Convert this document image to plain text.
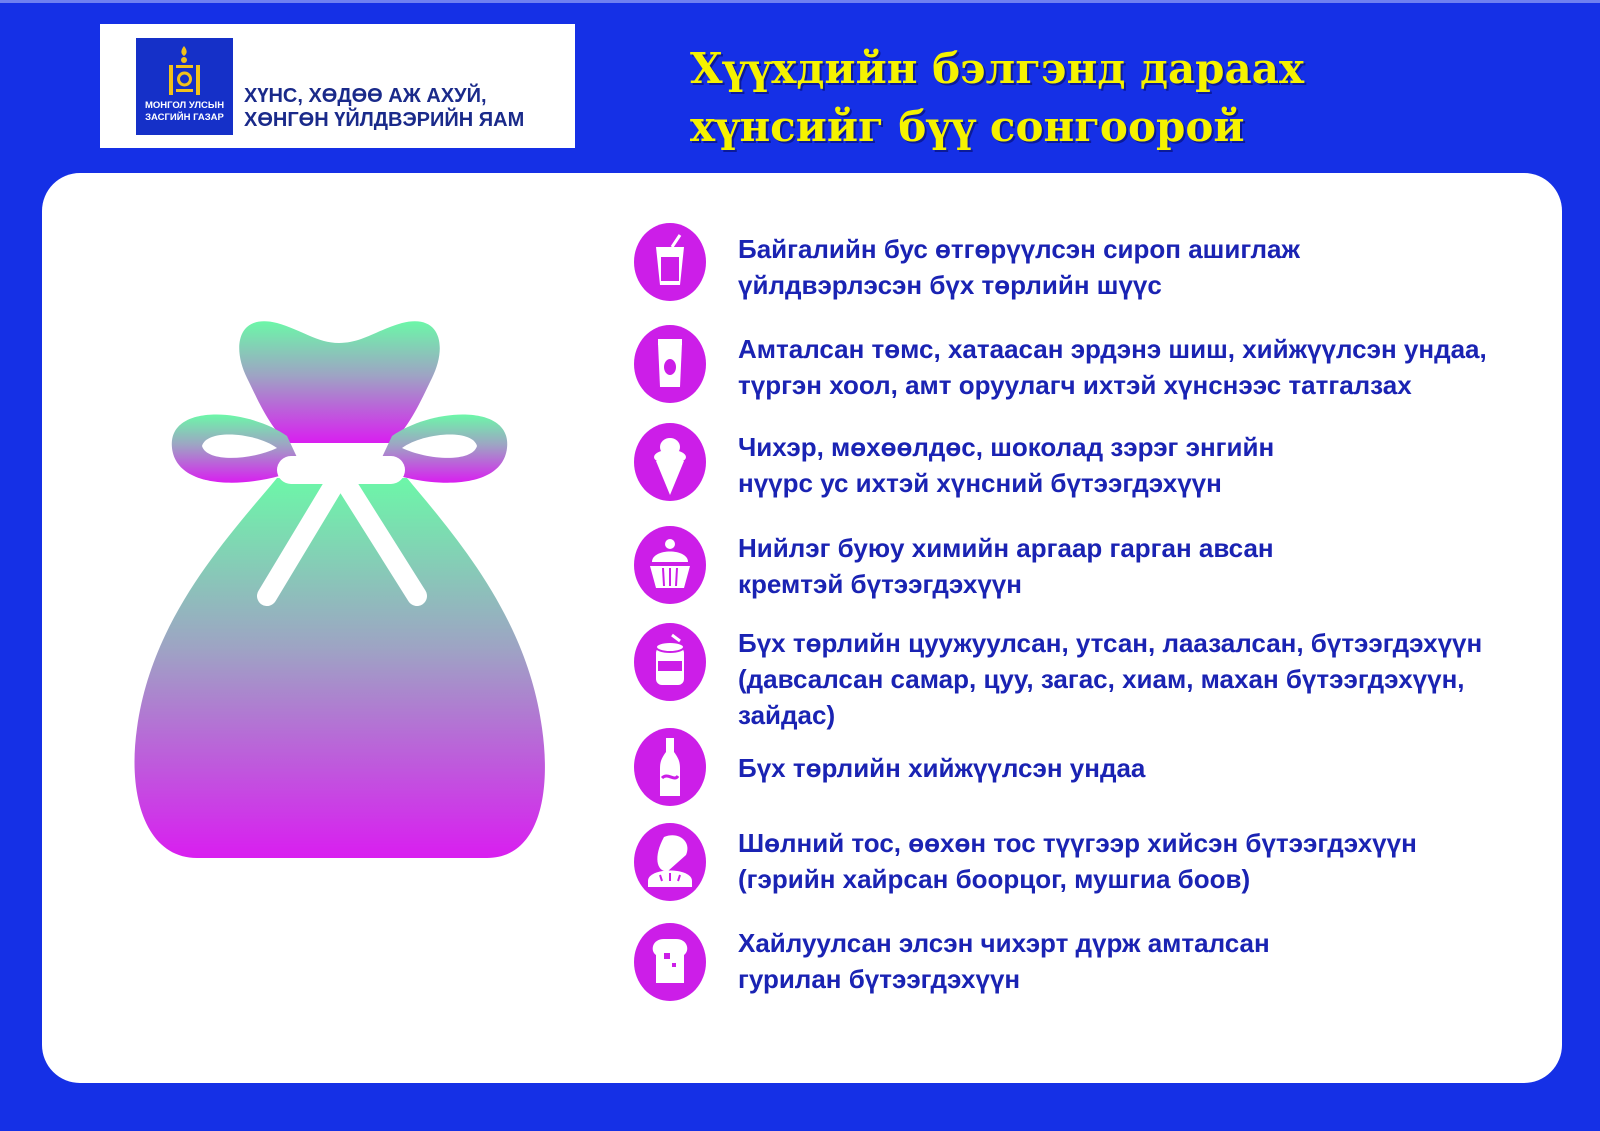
МОНГОЛ УЛСЫН
ЗАСГИЙН ГАЗАР
ХҮНС, ХӨДӨӨ АЖ АХУЙ,
ХӨНГӨН ҮЙЛДВЭРИЙН ЯАМ
Хүүхдийн бэлгэнд дараах
хүнсийг бүү сонгоорой
Байгалийн бус өтгөрүүлсэн сироп ашиглаж
үйлдвэрлэсэн бүх төрлийн шүүс
Амталсан төмс, хатаасан эрдэнэ шиш, хийжүүлсэн ундаа,
түргэн хоол, амт оруулагч ихтэй хүнснээс татгалзах
Чихэр, мөхөөлдөс, шоколад зэрэг энгийн
нүүрс ус ихтэй хүнсний бүтээгдэхүүн
Нийлэг буюу химийн аргаар гарган авсан
кремтэй бүтээгдэхүүн
Бүх төрлийн цуужуулсан, утсан, лаазалсан, бүтээгдэхүүн
(давсалсан самар, цуу, загас, хиам, махан бүтээгдэхүүн,
зайдас)
Бүх төрлийн хийжүүлсэн ундаа
Шөлний тос, өөхөн тос түүгээр хийсэн бүтээгдэхүүн
(гэрийн хайрсан боорцог, мушгиа боов)
Хайлуулсан элсэн чихэрт дүрж амталсан
гурилан бүтээгдэхүүн
